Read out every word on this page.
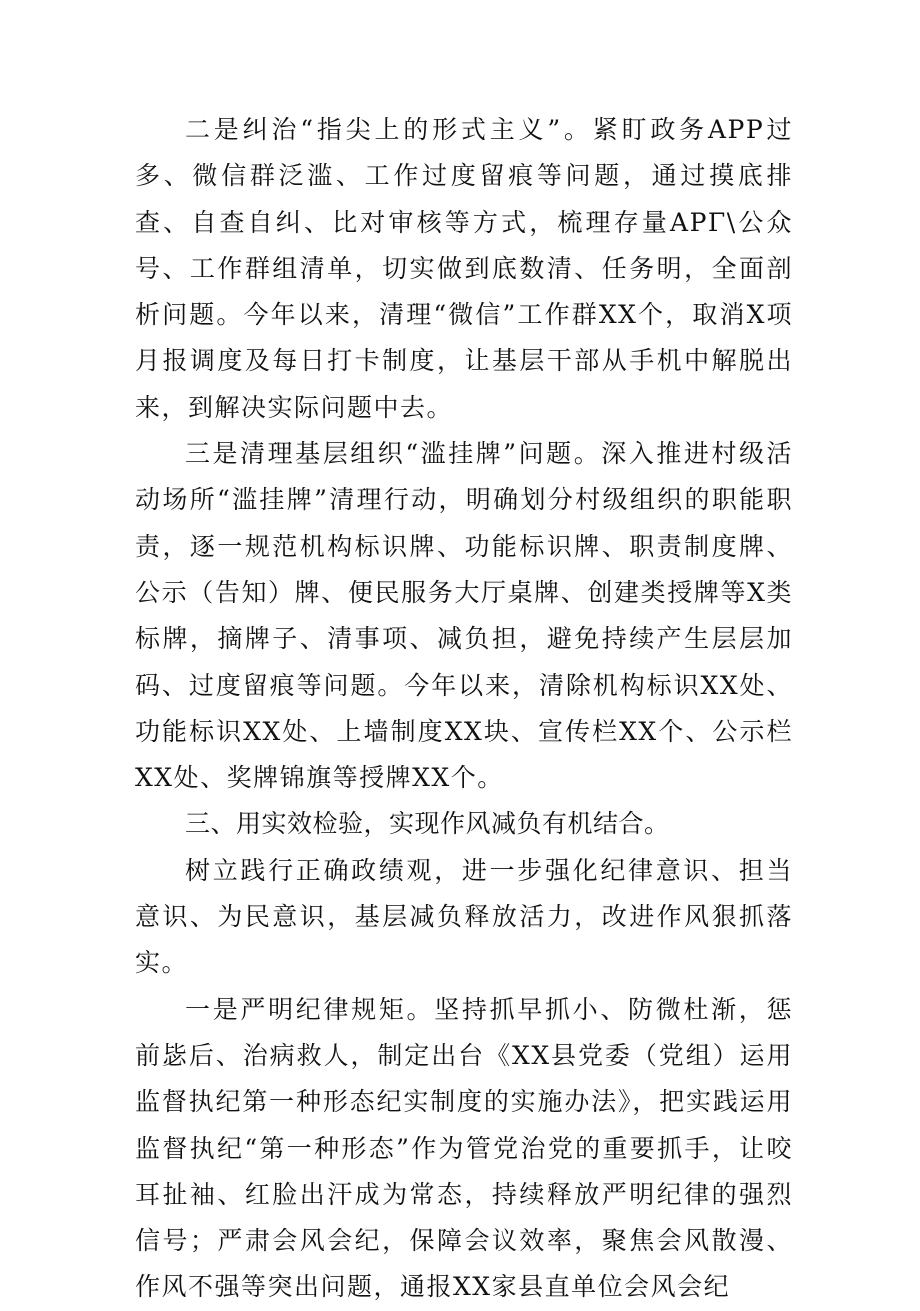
二是纠治“指尖上的形式主义”。紧盯政务APP过多、微信群泛滥、工作过度留痕等问题，通过摸底排查、自查自纠、比对审核等方式，梳理存量APΓ\公众号、工作群组清单，切实做到底数清、任务明，全面剖析问题。今年以来，清理“微信”工作群XX个，取消X项月报调度及每日打卡制度，让基层干部从手机中解脱出来，到解决实际问题中去。

三是清理基层组织“滥挂牌”问题。深入推进村级活动场所“滥挂牌”清理行动，明确划分村级组织的职能职责，逐一规范机构标识牌、功能标识牌、职责制度牌、公示（告知）牌、便民服务大厅桌牌、创建类授牌等X类标牌，摘牌子、清事项、减负担，避免持续产生层层加码、过度留痕等问题。今年以来，清除机构标识XX处、功能标识XX处、上墙制度XX块、宣传栏XX个、公示栏XX处、奖牌锦旗等授牌XX个。

三、用实效检验，实现作风减负有机结合。

树立践行正确政绩观，进一步强化纪律意识、担当意识、为民意识，基层减负释放活力，改进作风狠抓落实。

一是严明纪律规矩。坚持抓早抓小、防微杜渐，惩前毖后、治病救人，制定出台《XX县党委（党组）运用监督执纪第一种形态纪实制度的实施办法》，把实践运用监督执纪“第一种形态”作为管党治党的重要抓手，让咬耳扯袖、红脸出汗成为常态，持续释放严明纪律的强烈信号；严肃会风会纪，保障会议效率，聚焦会风散漫、作风不强等突出问题，通报XX家县直单位会风会纪
